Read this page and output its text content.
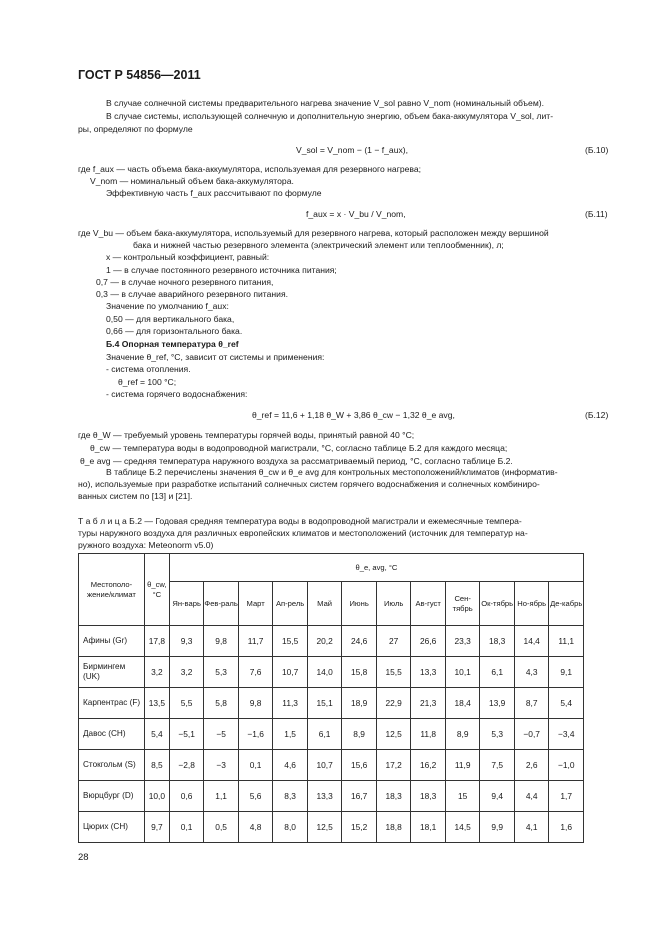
ГОСТ Р 54856—2011
В случае солнечной системы предварительного нагрева значение V_sol равно V_nom (номинальный объем).
В случае системы, использующей солнечную и дополнительную энергию, объем бака-аккумулятора V_sol, лит-
ры, определяют по формуле
V_sol = V_nom − (1 − f_aux),	(Б.10)
где f_aux — часть объема бака-аккумулятора, используемая для резервного нагрева;
V_nom — номинальный объем бака-аккумулятора.
Эффективную часть f_aux рассчитывают по формуле
f_aux = x · V_bu / V_nom,	(Б.11)
где V_bu — объем бака-аккумулятора, используемый для резервного нагрева, который расположен между вершиной
бака и нижней частью резервного элемента (электрический элемент или теплообменник), л;
x — контрольный коэффициент, равный:
1 — в случае постоянного резервного источника питания;
0,7 — в случае ночного резервного питания,
0,3 — в случае аварийного резервного питания.
Значение по умолчанию f_aux:
0,50 — для вертикального бака,
0,66 — для горизонтального бака.
Б.4 Опорная температура θ_ref
Значение θ_ref, °С, зависит от системы и применения:
- система отопления.
θ_ref = 100 °С;
- система горячего водоснабжения:
θ_ref = 11,6 + 1,18 θ_W + 3,86 θ_cw − 1,32 θ_e avg,	(Б.12)
где θ_W — требуемый уровень температуры горячей воды, принятый равной 40 °С;
θ_cw — температура воды в водопроводной магистрали, °С, согласно таблице Б.2 для каждого месяца;
θ_e avg — средняя температура наружного воздуха за рассматриваемый период, °С, согласно таблице Б.2.
В таблице Б.2 перечислены значения θ_cw и θ_e avg для контрольных местоположений/климатов (информатив-
но), используемые при разработке испытаний солнечных систем горячего водоснабжения и солнечных комбиниро-
ванных систем по [13] и [21].
Т а б л и ц а Б.2 — Годовая средняя температура воды в водопроводной магистрали и ежемесячные темпера-
туры наружного воздуха для различных европейских климатов и местоположений (источник для температур на-
ружного воздуха: Meteonorm v5.0)
Местополо-жение/климат	θ_cw, °С	θ_e, avg, °С											
		Ян-варь	Фев-раль	Март	Ап-рель	Май	Июнь	Июль	Ав-густ	Сен-тябрь	Ок-тябрь	Но-ябрь	Де-кабрь
Афины (Gr)	17,8	9,3	9,8	11,7	15,5	20,2	24,6	27	26,6	23,3	18,3	14,4	11,1
Бирмингем (UK)	3,2	3,2	5,3	7,6	10,7	14,0	15,8	15,5	13,3	10,1	6,1	4,3	9,1
Карпентрас (F)	13,5	5,5	5,8	9,8	11,3	15,1	18,9	22,9	21,3	18,4	13,9	8,7	5,4
Давос (CH)	5,4	−5,1	−5	−1,6	1,5	6,1	8,9	12,5	11,8	8,9	5,3	−0,7	−3,4
Стокгольм (S)	8,5	−2,8	−3	0,1	4,6	10,7	15,6	17,2	16,2	11,9	7,5	2,6	−1,0
Вюрцбург (D)	10,0	0,6	1,1	5,6	8,3	13,3	16,7	18,3	18,3	15	9,4	4,4	1,7
Цюрих (CH)	9,7	0,1	0,5	4,8	8,0	12,5	15,2	18,8	18,1	14,5	9,9	4,1	1,6
28
